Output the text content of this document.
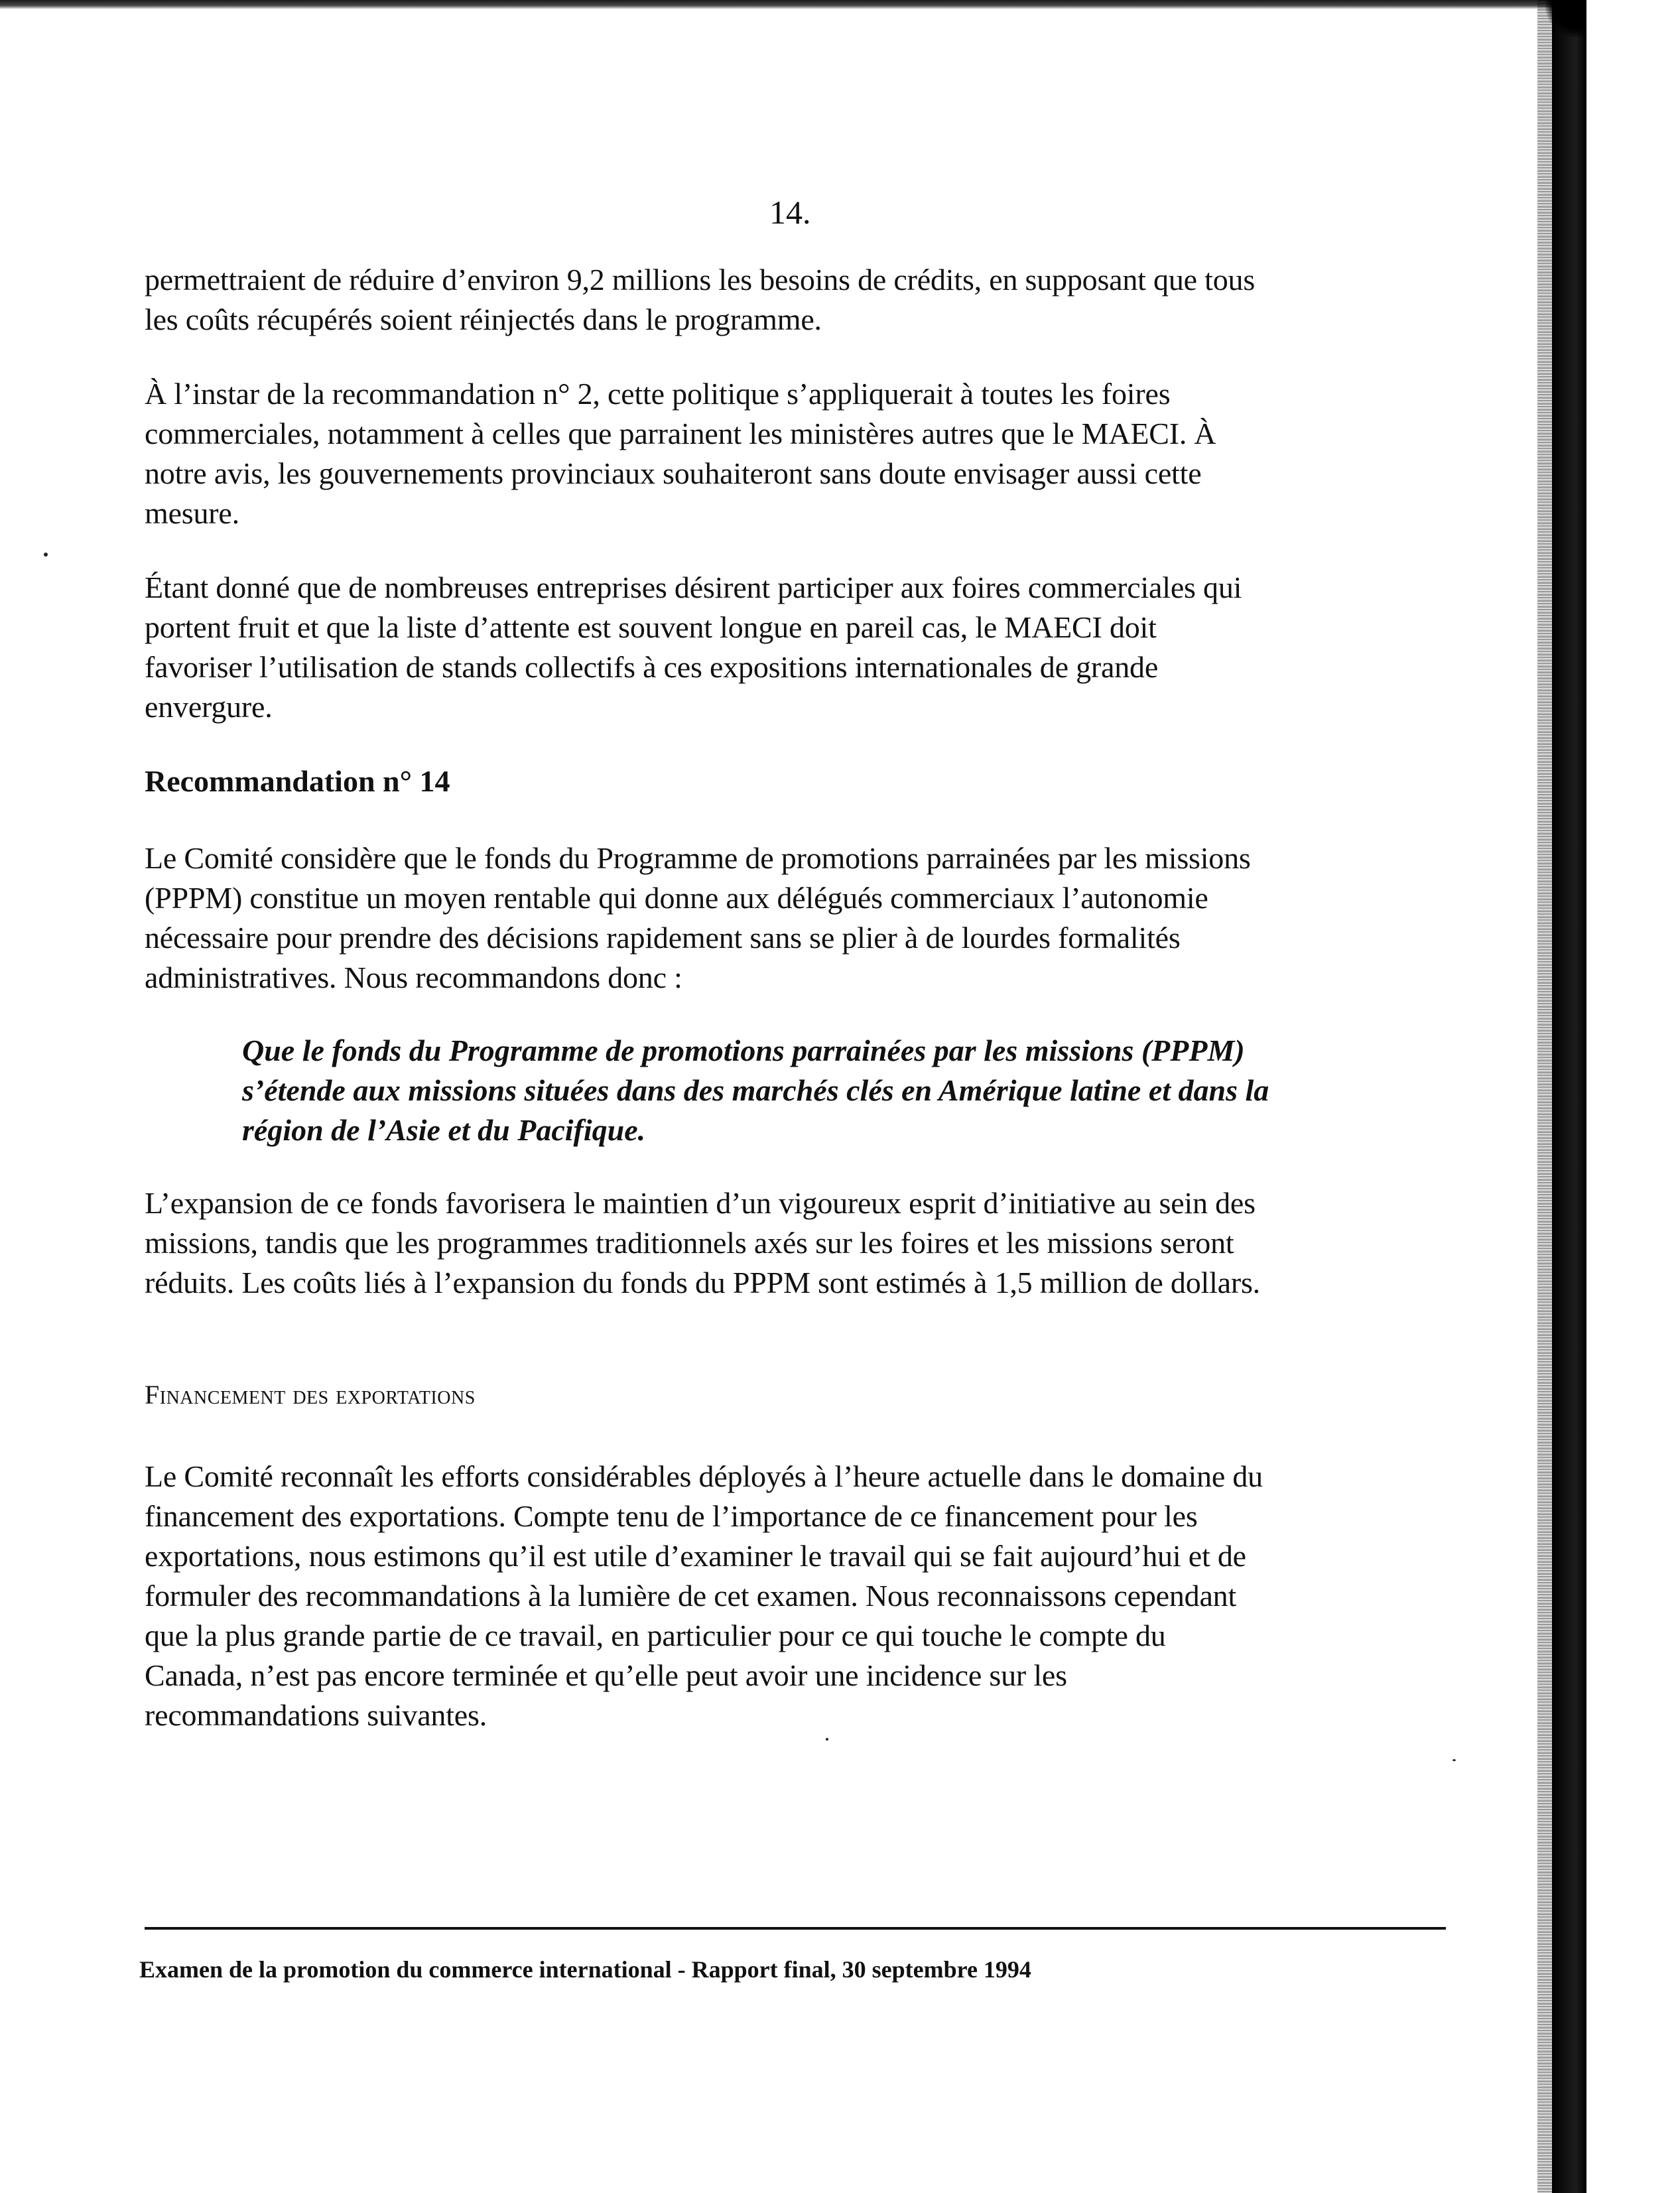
14.
permettraient de réduire d’environ 9,2 millions les besoins de crédits, en supposant que tous
les coûts récupérés soient réinjectés dans le programme.
À l’instar de la recommandation n° 2, cette politique s’appliquerait à toutes les foires
commerciales, notamment à celles que parrainent les ministères autres que le MAECI. À
notre avis, les gouvernements provinciaux souhaiteront sans doute envisager aussi cette
mesure.
Étant donné que de nombreuses entreprises désirent participer aux foires commerciales qui
portent fruit et que la liste d’attente est souvent longue en pareil cas, le MAECI doit
favoriser l’utilisation de stands collectifs à ces expositions internationales de grande
envergure.
Recommandation n° 14
Le Comité considère que le fonds du Programme de promotions parrainées par les missions
(PPPM) constitue un moyen rentable qui donne aux délégués commerciaux l’autonomie
nécessaire pour prendre des décisions rapidement sans se plier à de lourdes formalités
administratives. Nous recommandons donc :
Que le fonds du Programme de promotions parrainées par les missions (PPPM)
s’étende aux missions situées dans des marchés clés en Amérique latine et dans la
région de l’Asie et du Pacifique.
L’expansion de ce fonds favorisera le maintien d’un vigoureux esprit d’initiative au sein des
missions, tandis que les programmes traditionnels axés sur les foires et les missions seront
réduits. Les coûts liés à l’expansion du fonds du PPPM sont estimés à 1,5 million de dollars.
Financement des exportations
Le Comité reconnaît les efforts considérables déployés à l’heure actuelle dans le domaine du
financement des exportations. Compte tenu de l’importance de ce financement pour les
exportations, nous estimons qu’il est utile d’examiner le travail qui se fait aujourd’hui et de
formuler des recommandations à la lumière de cet examen. Nous reconnaissons cependant
que la plus grande partie de ce travail, en particulier pour ce qui touche le compte du
Canada, n’est pas encore terminée et qu’elle peut avoir une incidence sur les
recommandations suivantes.
Examen de la promotion du commerce international - Rapport final, 30 septembre 1994
